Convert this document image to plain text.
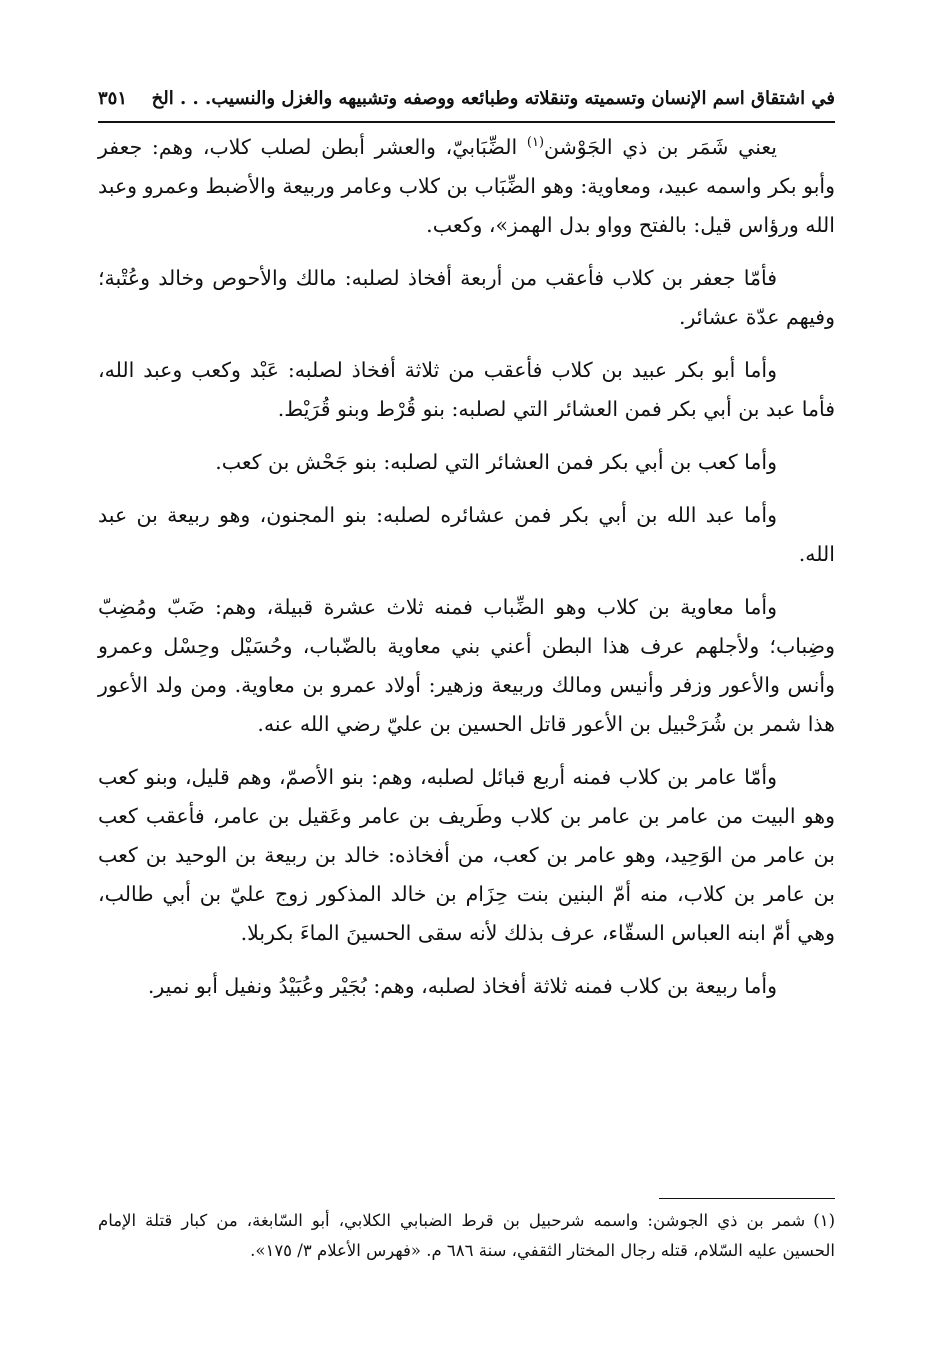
في اشتقاق اسم الإنسان وتسميته وتنقلاته وطبائعه ووصفه وتشبيهه والغزل والنسيب. . . الخ
٣٥١

يعني شَمَر بن ذي الجَوْشن$^{(١)}$ الضِّبَابيّ، والعشر أبطن لصلب كلاب، وهم: جعفر وأبو بكر واسمه عبيد، ومعاوية: وهو الضِّبَاب بن كلاب وعامر وربيعة والأضبط وعمرو وعبد الله ورؤاس قيل: بالفتح وواو بدل الهمز»، وكعب.

فأمّا جعفر بن كلاب فأعقب من أربعة أفخاذ لصلبه: مالك والأحوص وخالد وعُتْبة؛ وفيهم عدّة عشائر.

وأما أبو بكر عبيد بن كلاب فأعقب من ثلاثة أفخاذ لصلبه: عَبْد وكعب وعبد الله، فأما عبد بن أبي بكر فمن العشائر التي لصلبه: بنو قُرْط وبنو قُرَيْط.

وأما كعب بن أبي بكر فمن العشائر التي لصلبه: بنو جَحْش بن كعب.

وأما عبد الله بن أبي بكر فمن عشائره لصلبه: بنو المجنون، وهو ربيعة بن عبد الله.

وأما معاوية بن كلاب وهو الضِّباب فمنه ثلاث عشرة قبيلة، وهم: ضَبّ ومُضِبّ وضِباب؛ ولأجلهم عرف هذا البطن أعني بني معاوية بالضّباب، وحُسَيْل وحِسْل وعمرو وأنس والأعور وزفر وأنيس ومالك وربيعة وزهير: أولاد عمرو بن معاوية. ومن ولد الأعور هذا شمر بن شُرَحْبيل بن الأعور قاتل الحسين بن عليّ رضي الله عنه.

وأمّا عامر بن كلاب فمنه أربع قبائل لصلبه، وهم: بنو الأصمّ، وهم قليل، وبنو كعب وهو البيت من عامر بن عامر بن كلاب وطَريف بن عامر وعَقيل بن عامر، فأعقب كعب بن عامر من الوَحِيد، وهو عامر بن كعب، من أفخاذه: خالد بن ربيعة بن الوحيد بن كعب بن عامر بن كلاب، منه أمّ البنين بنت حِزَام بن خالد المذكور زوج عليّ بن أبي طالب، وهي أمّ ابنه العباس السقّاء، عرف بذلك لأنه سقى الحسينَ الماءَ بكربلا.

وأما ربيعة بن كلاب فمنه ثلاثة أفخاذ لصلبه، وهم: بُجَيْر وعُبَيْدُ ونفيل أبو نمير.

(١)شمر بن ذي الجوشن: واسمه شرحبيل بن قرط الضبابي الكلابي، أبو السّابغة، من كبار قتلة الإمام الحسين عليه السّلام، قتله رجال المختار الثقفي، سنة ٦٨٦ م. «فهرس الأعلام ٣/ ١٧٥».
